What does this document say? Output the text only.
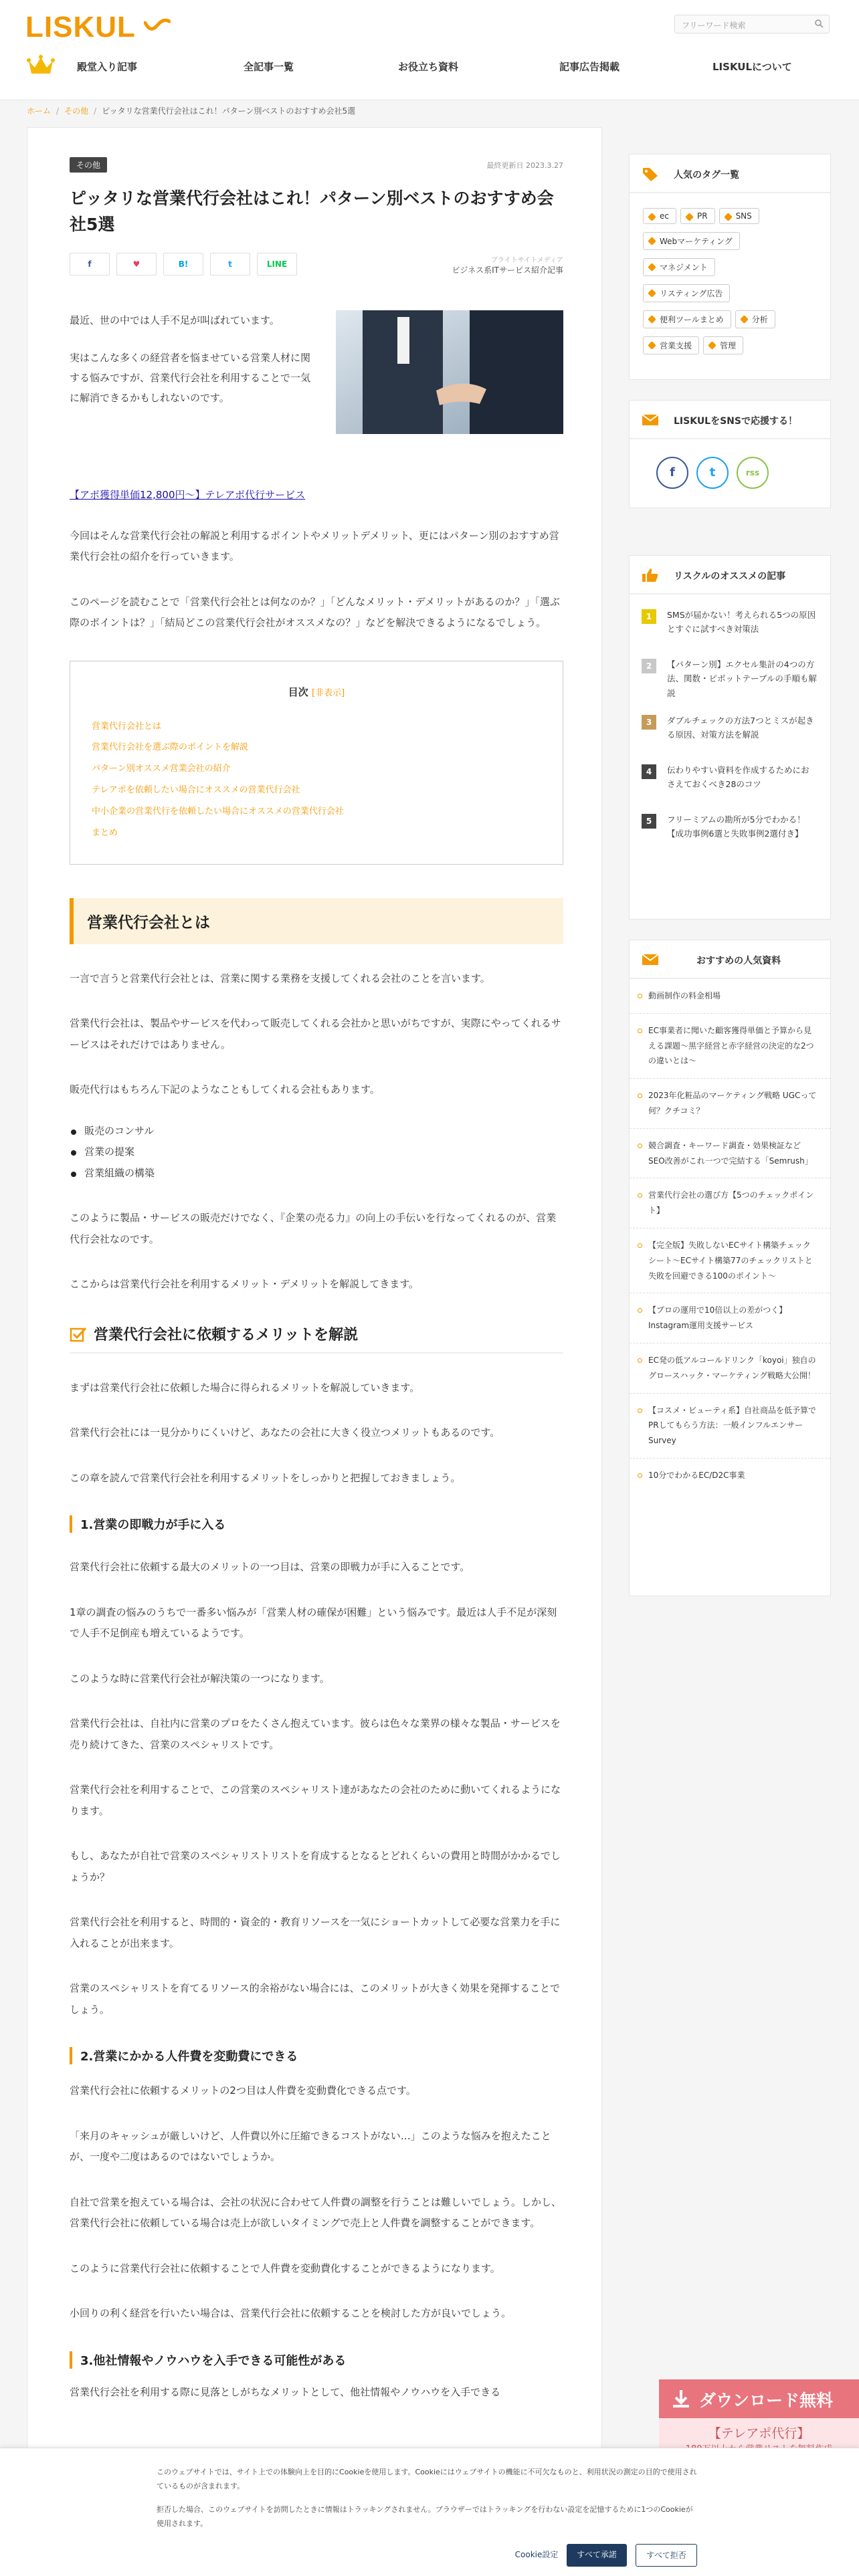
LISKUL	フリーワード検索
殿堂入り記事	全記事一覧	お役立ち資料	記事広告掲載	LISKULについて
ホーム / その他 / ピッタリな営業代行会社はこれ！パターン別ベストのおすすめ会社5選
その他	最終更新日 2023.3.27
ピッタリな営業代行会社はこれ！パターン別ベストのおすすめ会社5選
f	♥	B!	t	LINE	ブライトサイトメディア
ビジネス系ITサービス紹介記事

最近、世の中では人手不足が叫ばれています。

実はこんな多くの経営者を悩ませている営業人材に関する悩みですが、営業代行会社を利用することで一気に解消できるかもしれないのです。

【アポ獲得単価12,800円〜】テレアポ代行サービス

今回はそんな営業代行会社の解説と利用するポイントやメリットデメリット、更にはパターン別のおすすめ営業代行会社の紹介を行っていきます。

このページを読むことで「営業代行会社とは何なのか？」「どんなメリット・デメリットがあるのか？」「選ぶ際のポイントは？」「結局どこの営業代行会社がオススメなの？」などを解決できるようになるでしょう。

目次 [非表示]
営業代行会社とは
営業代行会社を選ぶ際のポイントを解説
パターン別オススメ営業会社の紹介
テレアポを依頼したい場合にオススメの営業代行会社
中小企業の営業代行を依頼したい場合にオススメの営業代行会社
まとめ
営業代行会社とは

一言で言うと営業代行会社とは、営業に関する業務を支援してくれる会社のことを言います。

営業代行会社は、製品やサービスを代わって販売してくれる会社かと思いがちですが、実際にやってくれるサービスはそれだけではありません。

販売代行はもちろん下記のようなこともしてくれる会社もあります。

販売のコンサル
営業の提案
営業組織の構築

このように製品・サービスの販売だけでなく、『企業の売る力』の向上の手伝いを行なってくれるのが、営業代行会社なのです。

ここからは営業代行会社を利用するメリット・デメリットを解説してきます。

営業代行会社に依頼するメリットを解説

まずは営業代行会社に依頼した場合に得られるメリットを解説していきます。

営業代行会社には一見分かりにくいけど、あなたの会社に大きく役立つメリットもあるのです。

この章を読んで営業代行会社を利用するメリットをしっかりと把握しておきましょう。

1.営業の即戦力が手に入る

営業代行会社に依頼する最大のメリットの一つ目は、営業の即戦力が手に入ることです。

1章の調査の悩みのうちで一番多い悩みが「営業人材の確保が困難」という悩みです。最近は人手不足が深刻で人手不足倒産も増えているようです。

このような時に営業代行会社が解決策の一つになります。

営業代行会社は、自社内に営業のプロをたくさん抱えています。彼らは色々な業界の様々な製品・サービスを売り続けてきた、営業のスペシャリストです。

営業代行会社を利用することで、この営業のスペシャリスト達があなたの会社のために動いてくれるようになります。

もし、あなたが自社で営業のスペシャリストリストを育成するとなるとどれくらいの費用と時間がかかるでしょうか？

営業代行会社を利用すると、時間的・資金的・教育リソースを一気にショートカットして必要な営業力を手に入れることが出来ます。

営業のスペシャリストを育てるリソース的余裕がない場合には、このメリットが大きく効果を発揮することでしょう。

2.営業にかかる人件費を変動費にできる

営業代行会社に依頼するメリットの2つ目は人件費を変動費化できる点です。

「来月のキャッシュが厳しいけど、人件費以外に圧縮できるコストがない…」このような悩みを抱えたことが、一度や二度はあるのではないでしょうか。

自社で営業を抱えている場合は、会社の状況に合わせて人件費の調整を行うことは難しいでしょう。しかし、営業代行会社に依頼している場合は売上が欲しいタイミングで売上と人件費を調整することができます。

このように営業代行会社に依頼することで人件費を変動費化することができるようになります。

小回りの利く経営を行いたい場合は、営業代行会社に依頼することを検討した方が良いでしょう。

3.他社情報やノウハウを入手できる可能性がある

営業代行会社を利用する際に見落としがちなメリットとして、他社情報やノウハウを入手できる

人気のタグ一覧
ec	PR	SNS
Webマーケティング
マネジメント
リスティング広告
便利ツールまとめ	分析
営業支援	管理
LISKULをSNSで応援する！
f	t	rss
リスクルのオススメの記事
1	SMSが届かない！考えられる5つの原因とすぐに試すべき対策法
2	【パターン別】エクセル集計の4つの方法、関数・ピボットテーブルの手順も解説
3	ダブルチェックの方法7つとミスが起きる原因、対策方法を解説
4	伝わりやすい資料を作成するためにおさえておくべき28のコツ
5	フリーミアムの勘所が5分でわかる！【成功事例6選と失敗事例2選付き】
おすすめの人気資料
動画制作の料金相場
EC事業者に聞いた顧客獲得単価と予算から見える課題〜黒字経営と赤字経営の決定的な2つの違いとは〜
2023年化粧品のマーケティング戦略 UGCって何？クチコミ？
競合調査・キーワード調査・効果検証などSEO改善がこれ一つで完結する「Semrush」
営業代行会社の選び方【5つのチェックポイント】
【完全版】失敗しないECサイト構築チェックシート〜ECサイト構築77のチェックリストと失敗を回避できる100のポイント〜
【プロの運用で10倍以上の差がつく】Instagram運用支援サービス
EC発の低アルコールドリンク「koyoi」独自のグロースハック・マーケティング戦略大公開！
【コスメ・ビューティ系】自社商品を低予算でPRしてもらう方法：一般インフルエンサーSurvey
10分でわかるEC/D2C事業
ダウンロード無料
【テレアポ代行】

このウェブサイトでは、サイト上での体験向上を目的にCookieを使用します。Cookieにはウェブサイトの機能に不可欠なものと、利用状況の測定の目的で使用されているものが含まれます。

拒否した場合、このウェブサイトを訪問したときに情報はトラッキングされません。ブラウザーではトラッキングを行わない設定を記憶するために1つのCookieが使用されます。

Cookie設定	すべて承諾	すべて拒否
